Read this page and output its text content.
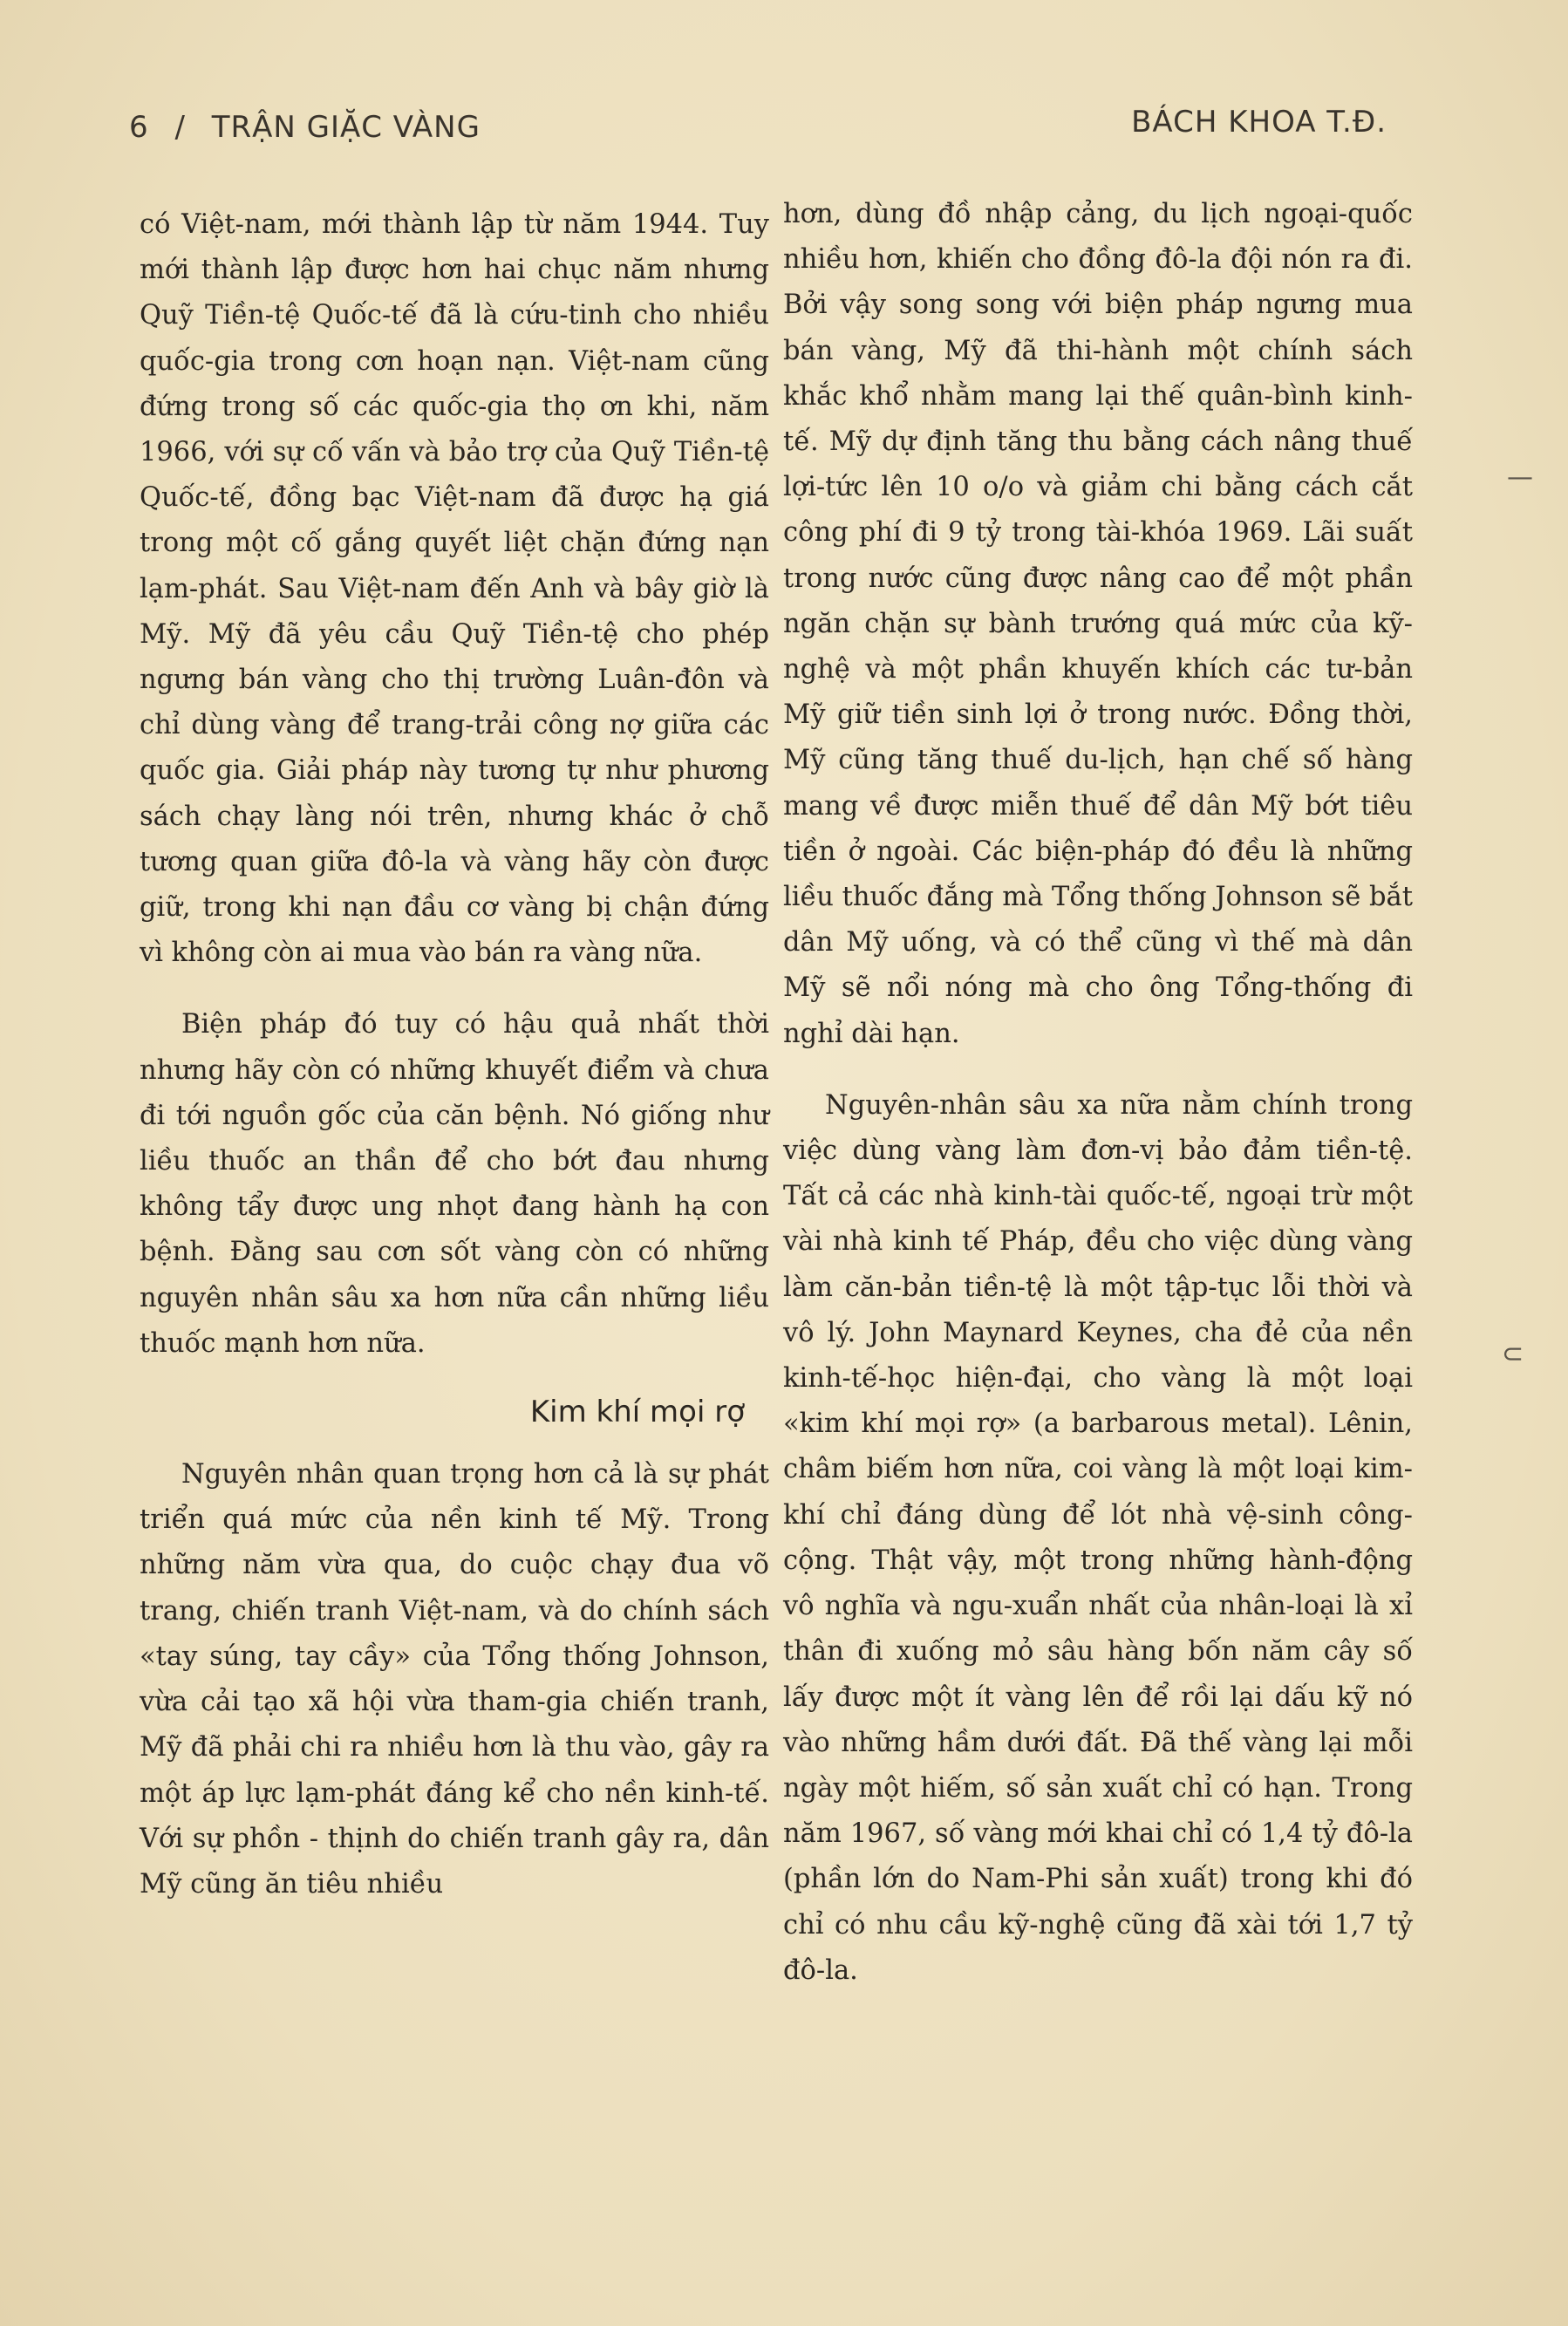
6 / TRẬN GIẶC VÀNG	BÁCH KHOA T.Đ.

có Việt-nam, mới thành lập từ năm 1944. Tuy mới thành lập được hơn hai chục năm nhưng Quỹ Tiền-tệ Quốc-tế đã là cứu-tinh cho nhiều quốc-gia trong cơn hoạn nạn. Việt-nam cũng đứng trong số các quốc-gia thọ ơn khi, năm 1966, với sự cố vấn và bảo trợ của Quỹ Tiền-tệ Quốc-tế, đồng bạc Việt-nam đã được hạ giá trong một cố gắng quyết liệt chặn đứng nạn lạm-phát. Sau Việt-nam đến Anh và bây giờ là Mỹ. Mỹ đã yêu cầu Quỹ Tiền-tệ cho phép ngưng bán vàng cho thị trường Luân-đôn và chỉ dùng vàng để trang-trải công nợ giữa các quốc gia. Giải pháp này tương tự như phương sách chạy làng nói trên, nhưng khác ở chỗ tương quan giữa đô-la và vàng hãy còn được giữ, trong khi nạn đầu cơ vàng bị chận đứng vì không còn ai mua vào bán ra vàng nữa.

Biện pháp đó tuy có hậu quả nhất thời nhưng hãy còn có những khuyết điểm và chưa đi tới nguồn gốc của căn bệnh. Nó giống như liều thuốc an thần để cho bớt đau nhưng không tẩy được ung nhọt đang hành hạ con bệnh. Đằng sau cơn sốt vàng còn có những nguyên nhân sâu xa hơn nữa cần những liều thuốc mạnh hơn nữa.

Kim khí mọi rợ

Nguyên nhân quan trọng hơn cả là sự phát triển quá mức của nền kinh tế Mỹ. Trong những năm vừa qua, do cuộc chạy đua võ trang, chiến tranh Việt-nam, và do chính sách «tay súng, tay cầy» của Tổng thống Johnson, vừa cải tạo xã hội vừa tham-gia chiến tranh, Mỹ đã phải chi ra nhiều hơn là thu vào, gây ra một áp lực lạm-phát đáng kể cho nền kinh-tế. Với sự phồn - thịnh do chiến tranh gây ra, dân Mỹ cũng ăn tiêu nhiều

hơn, dùng đồ nhập cảng, du lịch ngoại-quốc nhiều hơn, khiến cho đồng đô-la đội nón ra đi. Bởi vậy song song với biện pháp ngưng mua bán vàng, Mỹ đã thi-hành một chính sách khắc khổ nhằm mang lại thế quân-bình kinh-tế. Mỹ dự định tăng thu bằng cách nâng thuế lợi-tức lên 10 o/o và giảm chi bằng cách cắt công phí đi 9 tỷ trong tài-khóa 1969. Lãi suất trong nước cũng được nâng cao để một phần ngăn chặn sự bành trướng quá mức của kỹ-nghệ và một phần khuyến khích các tư-bản Mỹ giữ tiền sinh lợi ở trong nước. Đồng thời, Mỹ cũng tăng thuế du-lịch, hạn chế số hàng mang về được miễn thuế để dân Mỹ bớt tiêu tiền ở ngoài. Các biện-pháp đó đều là những liều thuốc đắng mà Tổng thống Johnson sẽ bắt dân Mỹ uống, và có thể cũng vì thế mà dân Mỹ sẽ nổi nóng mà cho ông Tổng-thống đi nghỉ dài hạn.

Nguyên-nhân sâu xa nữa nằm chính trong việc dùng vàng làm đơn-vị bảo đảm tiền-tệ. Tất cả các nhà kinh-tài quốc-tế, ngoại trừ một vài nhà kinh tế Pháp, đều cho việc dùng vàng làm căn-bản tiền-tệ là một tập-tục lỗi thời và vô lý. John Maynard Keynes, cha đẻ của nền kinh-tế-học hiện-đại, cho vàng là một loại «kim khí mọi rợ» (a barbarous metal). Lênin, châm biếm hơn nữa, coi vàng là một loại kim-khí chỉ đáng dùng để lót nhà vệ-sinh công-cộng. Thật vậy, một trong những hành-động vô nghĩa và ngu-xuẩn nhất của nhân-loại là xỉ thân đi xuống mỏ sâu hàng bốn năm cây số lấy được một ít vàng lên để rồi lại dấu kỹ nó vào những hầm dưới đất. Đã thế vàng lại mỗi ngày một hiếm, số sản xuất chỉ có hạn. Trong năm 1967, số vàng mới khai chỉ có 1,4 tỷ đô-la (phần lớn do Nam-Phi sản xuất) trong khi đó chỉ có nhu cầu kỹ-nghệ cũng đã xài tới 1,7 tỷ đô-la.

—
⊂
